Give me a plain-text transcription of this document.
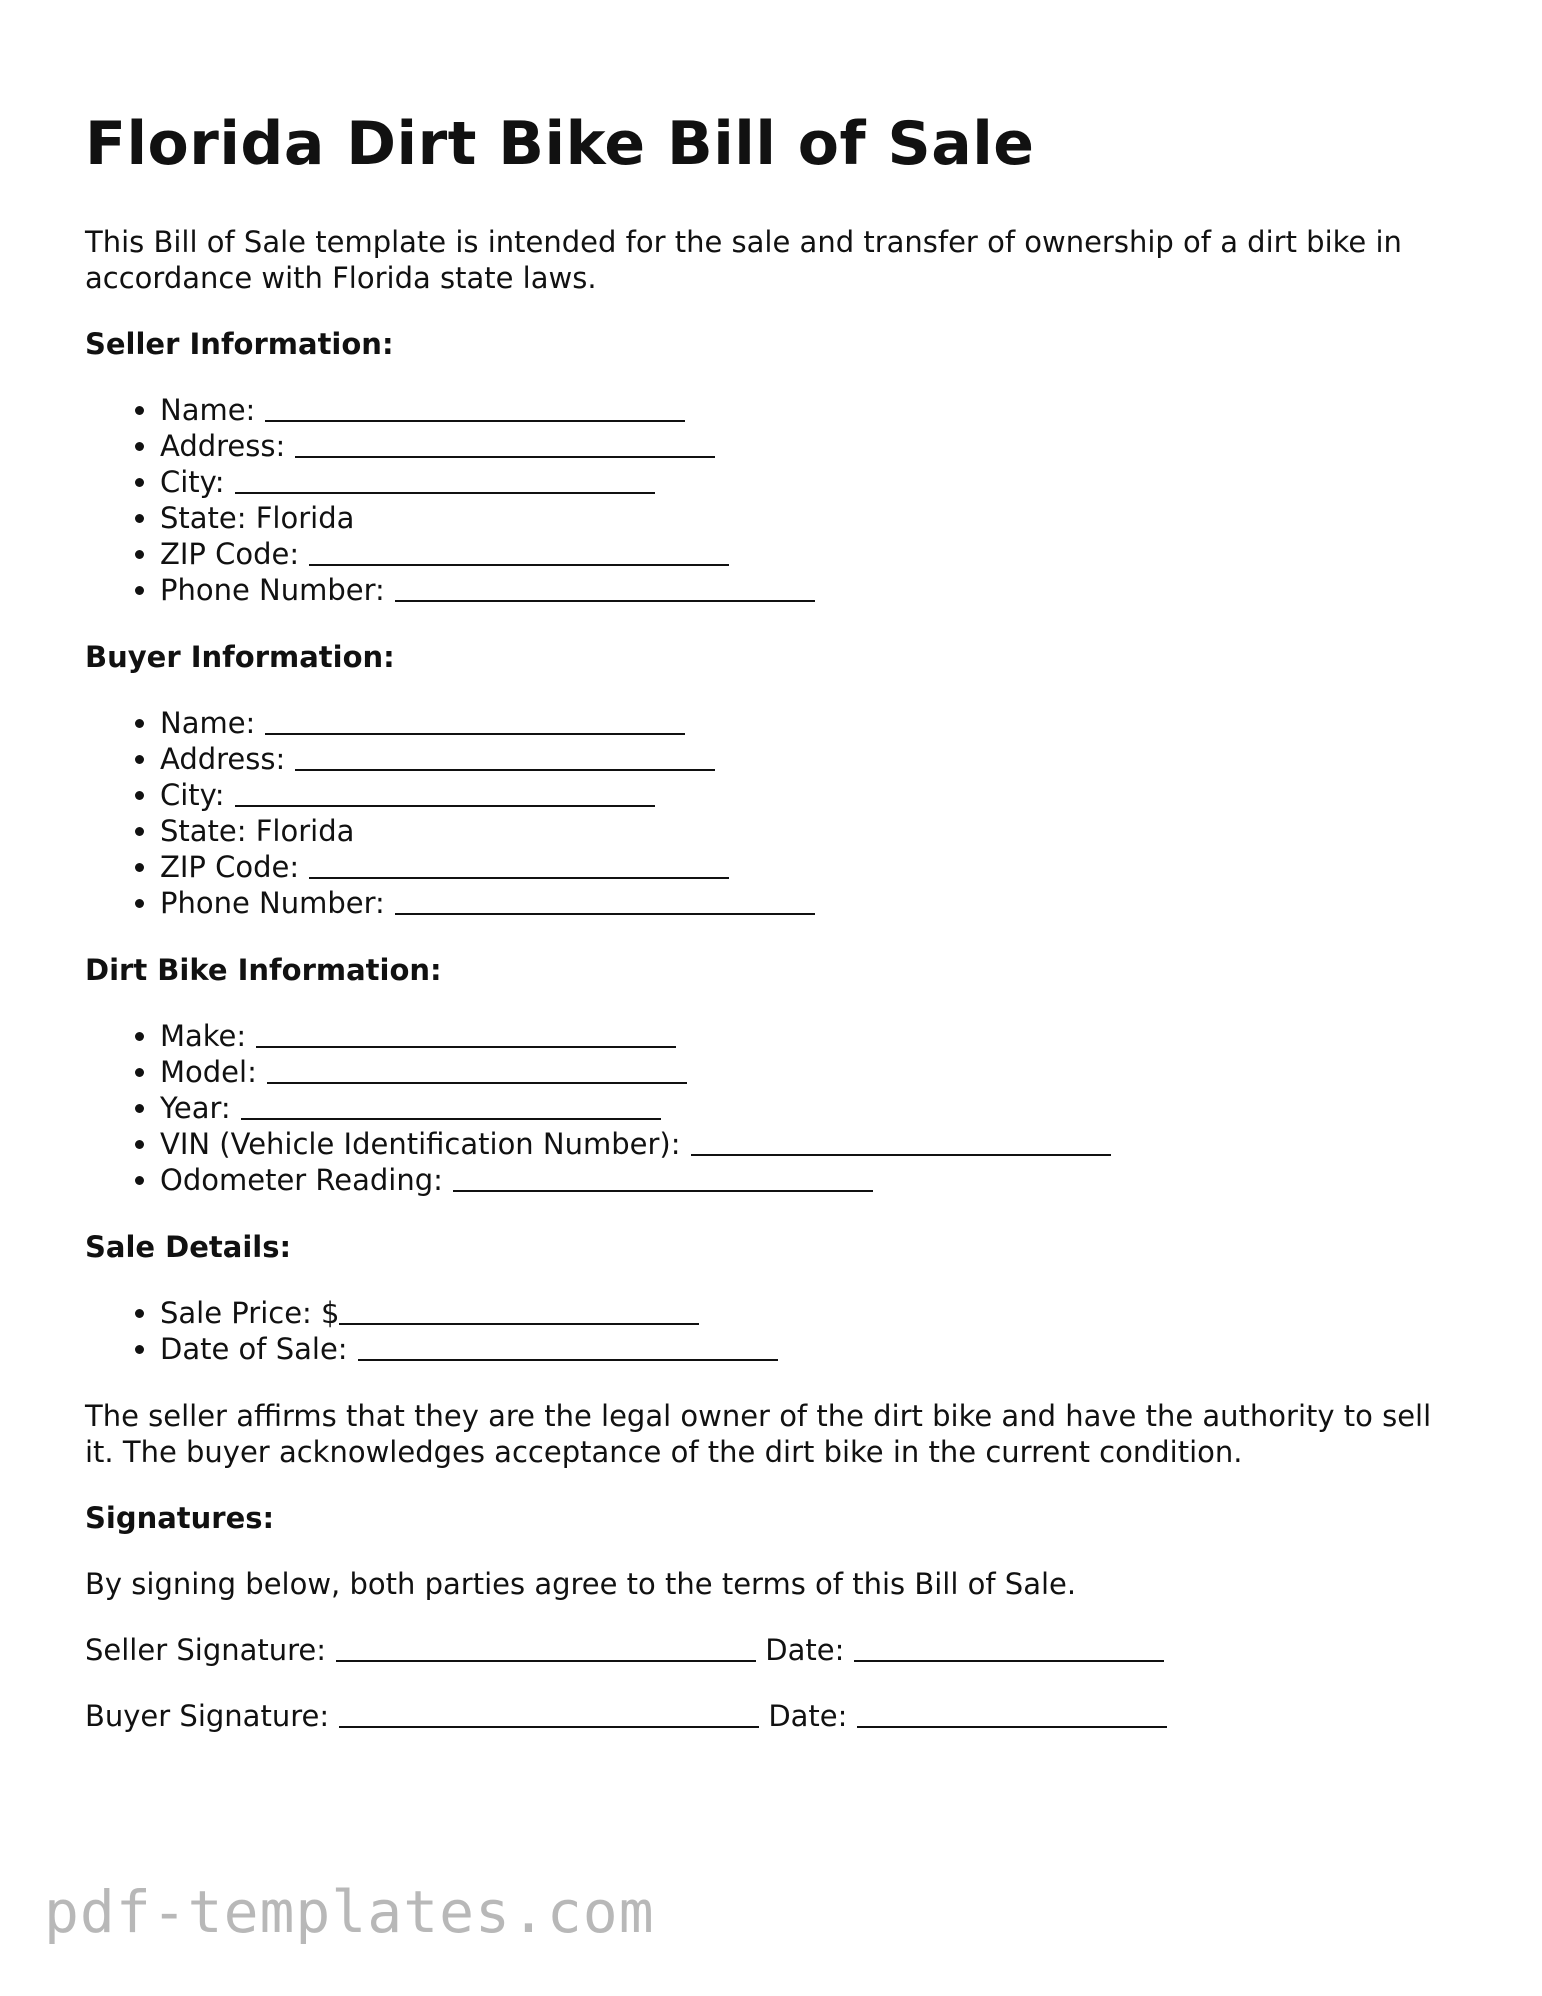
Florida Dirt Bike Bill of Sale

This Bill of Sale template is intended for the sale and transfer of ownership of a dirt bike in accordance with Florida state laws.

Seller Information:
• Name:
• Address:
• City:
• State: Florida
• ZIP Code:
• Phone Number:
Buyer Information:
• Name:
• Address:
• City:
• State: Florida
• ZIP Code:
• Phone Number:
Dirt Bike Information:
• Make:
• Model:
• Year:
• VIN (Vehicle Identification Number):
• Odometer Reading:
Sale Details:
• Sale Price: $
• Date of Sale:

The seller affirms that they are the legal owner of the dirt bike and have the authority to sell it. The buyer acknowledges acceptance of the dirt bike in the current condition.

Signatures:

By signing below, both parties agree to the terms of this Bill of Sale.

Seller Signature:	Date:
Buyer Signature:	Date:
pdf-templates.com
